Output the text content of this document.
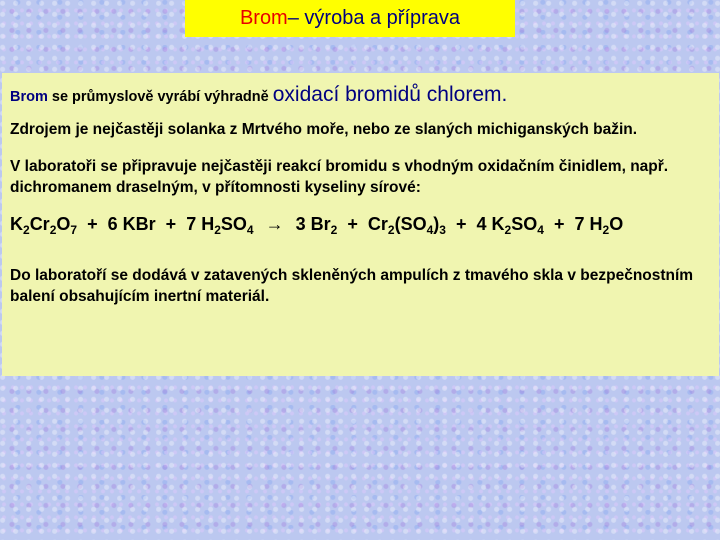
Brom – výroba a příprava
Brom se průmyslově vyrábí výhradně oxidací bromidů chlorem.
Zdrojem je nejčastěji solanka z Mrtvého moře, nebo ze slaných michiganských bažin.
V laboratoři se připravuje nejčastěji reakcí bromidu s vhodným oxidačním činidlem, např. dichromanem draselným, v přítomnosti kyseliny sírové:
$K_2Cr_2O_7 + 6$ KBr + 7 $H_2SO_4 \to 3$ $Br_2 + Cr_2(SO_4)_3 + 4$ $K_2SO_4 + 7$ $H_2O$
Do laboratoří se dodává v zatavených skleněných ampulích z tmavého skla v bezpečnostním balení obsahujícím inertní materiál.
